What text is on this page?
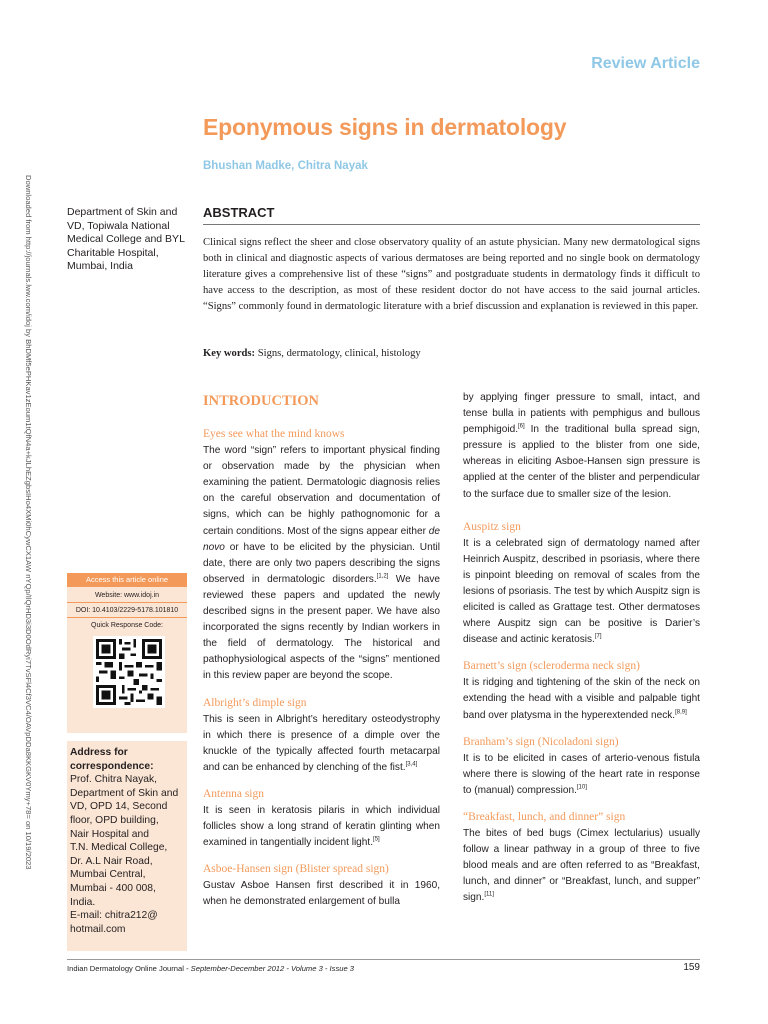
Review Article
Eponymous signs in dermatology
Bhushan Madke, Chitra Nayak
Downloaded from http://journals.lww.com/idoj by BhDMf5ePHKav1zEoum1tQfN4a+kJLhEZgbsIHo4XMi0hCywCX1AW nYQp/IlQrHD3i3D0OdRyi7TvSFl4Cf3VC4/OAVpDDa8KKGKV0Ymy+78= on 10/19/2023	Department of Skin and VD, Topiwala National Medical College and BYL Charitable Hospital, Mumbai, India
ABSTRACT
Clinical signs reflect the sheer and close observatory quality of an astute physician. Many new dermatological signs both in clinical and diagnostic aspects of various dermatoses are being reported and no single book on dermatology literature gives a comprehensive list of these “signs” and postgraduate students in dermatology finds it difficult to have access to the description, as most of these resident doctor do not have access to the said journal articles. “Signs” commonly found in dermatologic literature with a brief discussion and explanation is reviewed in this paper.
Key words: Signs, dermatology, clinical, histology
INTRODUCTION
Eyes see what the mind knows

The word “sign” refers to important physical finding or observation made by the physician when examining the patient. Dermatologic diagnosis relies on the careful observation and documentation of signs, which can be highly pathognomonic for a certain conditions. Most of the signs appear either de novo or have to be elicited by the physician. Until date, there are only two papers describing the signs observed in dermatologic disorders.[1,2] We have reviewed these papers and updated the newly described signs in the present paper. We have also incorporated the signs recently by Indian workers in the field of dermatology. The historical and pathophysiological aspects of the “signs” mentioned in this review paper are beyond the scope.

Albright’s dimple sign

This is seen in Albright’s hereditary osteodystrophy in which there is presence of a dimple over the knuckle of the typically affected fourth metacarpal and can be enhanced by clenching of the fist.[3,4]

Antenna sign

It is seen in keratosis pilaris in which individual follicles show a long strand of keratin glinting when examined in tangentially incident light.[5]

Asboe-Hansen sign (Blister spread sign)

Gustav Asboe Hansen first described it in 1960, when he demonstrated enlargement of bulla

by applying finger pressure to small, intact, and tense bulla in patients with pemphigus and bullous pemphigoid.[6] In the traditional bulla spread sign, pressure is applied to the blister from one side, whereas in eliciting Asboe-Hansen sign pressure is applied at the center of the blister and perpendicular to the surface due to smaller size of the lesion.

Auspitz sign

It is a celebrated sign of dermatology named after Heinrich Auspitz, described in psoriasis, where there is pinpoint bleeding on removal of scales from the lesions of psoriasis. The test by which Auspitz sign is elicited is called as Grattage test. Other dermatoses where Auspitz sign can be positive is Darier’s disease and actinic keratosis.[7]

Barnett’s sign (scleroderma neck sign)

It is ridging and tightening of the skin of the neck on extending the head with a visible and palpable tight band over platysma in the hyperextended neck.[8,9]

Branham’s sign (Nicoladoni sign)

It is to be elicited in cases of arterio-venous fistula where there is slowing of the heart rate in response to (manual) compression.[10]

“Breakfast, lunch, and dinner” sign

The bites of bed bugs (Cimex lectularius) usually follow a linear pathway in a group of three to five blood meals and are often referred to as “Breakfast, lunch, and dinner” or “Breakfast, lunch, and supper” sign.[11]

Access this article online
Website: www.idoj.in
DOI: 10.4103/2229-5178.101810
Quick Response Code:
Address for correspondence:
Prof. Chitra Nayak,
Department of Skin and
VD, OPD 14, Second
floor, OPD building,
Nair Hospital and
T.N. Medical College,
Dr. A.L Nair Road,
Mumbai Central,
Mumbai - 400 008,
India.
E-mail: chitra212@
hotmail.com
Indian Dermatology Online Journal - September-December 2012 - Volume 3 - Issue 3	159
